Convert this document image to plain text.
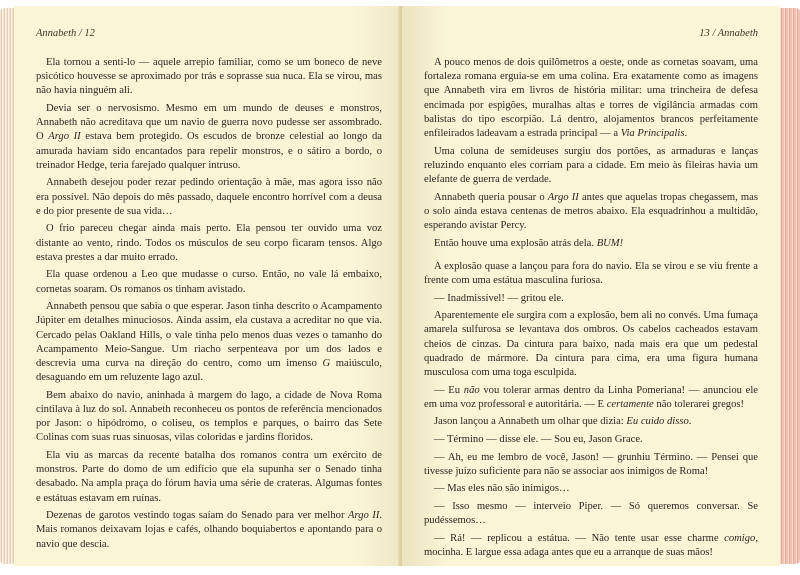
Annabeth / 12

Ela tornou a senti-lo — aquele arrepio familiar, como se um boneco de neve psicótico houvesse se aproximado por trás e soprasse sua nuca. Ela se virou, mas não havia ninguém ali.

Devia ser o nervosismo. Mesmo em um mundo de deuses e monstros, Annabeth não acreditava que um navio de guerra novo pudesse ser assombrado. O Argo II estava bem protegido. Os escudos de bronze celestial ao longo da amurada haviam sido encantados para repelir monstros, e o sátiro a bordo, o treinador Hedge, teria farejado qualquer intruso.

Annabeth desejou poder rezar pedindo orientação à mãe, mas agora isso não era possível. Não depois do mês passado, daquele encontro horrível com a deusa e do pior presente de sua vida…

O frio pareceu chegar ainda mais perto. Ela pensou ter ouvido uma voz distante ao vento, rindo. Todos os músculos de seu corpo ficaram tensos. Algo estava prestes a dar muito errado.

Ela quase ordenou a Leo que mudasse o curso. Então, no vale lá embaixo, cornetas soaram. Os romanos os tinham avistado.

Annabeth pensou que sabia o que esperar. Jason tinha descrito o Acampamento Júpiter em detalhes minuciosos. Ainda assim, ela custava a acreditar no que via. Cercado pelas Oakland Hills, o vale tinha pelo menos duas vezes o tamanho do Acampamento Meio-Sangue. Um riacho serpenteava por um dos lados e descrevia uma curva na direção do centro, como um imenso G maiúsculo, desaguando em um reluzente lago azul.

Bem abaixo do navio, aninhada à margem do lago, a cidade de Nova Roma cintilava à luz do sol. Annabeth reconheceu os pontos de referência mencionados por Jason: o hipódromo, o coliseu, os templos e parques, o bairro das Sete Colinas com suas ruas sinuosas, vilas coloridas e jardins floridos.

Ela viu as marcas da recente batalha dos romanos contra um exército de monstros. Parte do domo de um edifício que ela supunha ser o Senado tinha desabado. Na ampla praça do fórum havia uma série de crateras. Algumas fontes e estátuas estavam em ruínas.

Dezenas de garotos vestindo togas saíam do Senado para ver melhor Argo II. Mais romanos deixavam lojas e cafés, olhando boquiabertos e apontando para o navio que descia.

13 / Annabeth

A pouco menos de dois quilômetros a oeste, onde as cornetas soavam, uma fortaleza romana erguia-se em uma colina. Era exatamente como as imagens que Annabeth vira em livros de história militar: uma trincheira de defesa encimada por espigões, muralhas altas e torres de vigilância armadas com balistas do tipo escorpião. Lá dentro, alojamentos brancos perfeitamente enfileirados ladeavam a estrada principal — a Via Principalis.

Uma coluna de semideuses surgiu dos portões, as armaduras e lanças reluzindo enquanto eles corriam para a cidade. Em meio às fileiras havia um elefante de guerra de verdade.

Annabeth queria pousar o Argo II antes que aquelas tropas chegassem, mas o solo ainda estava centenas de metros abaixo. Ela esquadrinhou a multidão, esperando avistar Percy.

Então houve uma explosão atrás dela. BUM!

A explosão quase a lançou para fora do navio. Ela se virou e se viu frente a frente com uma estátua masculina furiosa.

— Inadmissível! — gritou ele.

Aparentemente ele surgira com a explosão, bem ali no convés. Uma fumaça amarela sulfurosa se levantava dos ombros. Os cabelos cacheados estavam cheios de cinzas. Da cintura para baixo, nada mais era que um pedestal quadrado de mármore. Da cintura para cima, era uma figura humana musculosa com uma toga esculpida.

— Eu não vou tolerar armas dentro da Linha Pomeriana! — anunciou ele em uma voz professoral e autoritária. — E certamente não tolerarei gregos!

Jason lançou a Annabeth um olhar que dizia: Eu cuido disso.

— Término — disse ele. — Sou eu, Jason Grace.

— Ah, eu me lembro de você, Jason! — grunhiu Término. — Pensei que tivesse juízo suficiente para não se associar aos inimigos de Roma!

— Mas eles não são inimigos…

— Isso mesmo — interveio Piper. — Só queremos conversar. Se pudéssemos…

— Rá! — replicou a estátua. — Não tente usar esse charme comigo, mocinha. E largue essa adaga antes que eu a arranque de suas mãos!
